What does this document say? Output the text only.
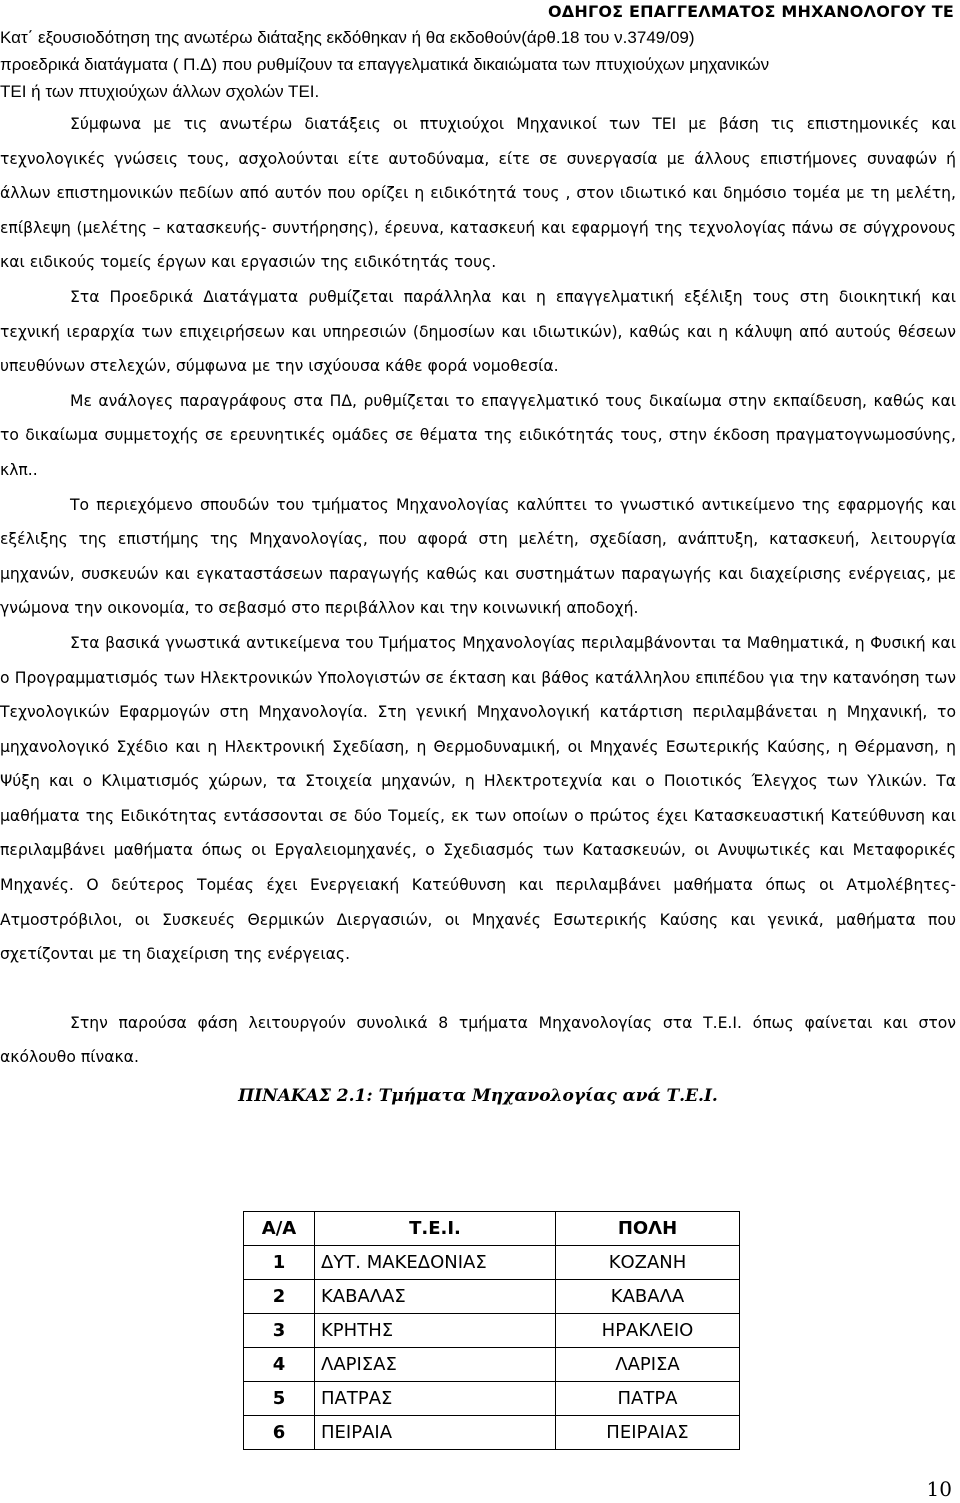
ΟΔΗΓΟΣ ΕΠΑΓΓΕΛΜΑΤΟΣ ΜΗΧΑΝΟΛΟΓΟΥ ΤΕ

Κατ΄ εξουσιοδότηση της ανωτέρω διάταξης εκδόθηκαν ή θα εκδοθούν(άρθ.18 του ν.3749/09)

προεδρικά διατάγματα ( Π.Δ) που ρυθμίζουν τα επαγγελματικά δικαιώματα των πτυχιούχων μηχανικών

ΤΕΙ ή των πτυχιούχων άλλων σχολών ΤΕΙ.

Σύμφωνα με τις ανωτέρω διατάξεις οι πτυχιούχοι Μηχανικοί των ΤΕΙ με βάση τις επιστημονικές και τεχνολογικές γνώσεις τους, ασχολούνται είτε αυτοδύναμα, είτε σε συνεργασία με άλλους επιστήμονες συναφών ή άλλων επιστημονικών πεδίων από αυτόν που ορίζει η ειδικότητά τους , στον ιδιωτικό και δημόσιο τομέα με τη μελέτη, επίβλεψη (μελέτης – κατασκευής- συντήρησης), έρευνα, κατασκευή και εφαρμογή της τεχνολογίας πάνω σε σύγχρονους και ειδικούς τομείς έργων και εργασιών της ειδικότητάς τους.

Στα Προεδρικά Διατάγματα ρυθμίζεται παράλληλα και η επαγγελματική εξέλιξη τους στη διοικητική και τεχνική ιεραρχία των επιχειρήσεων και υπηρεσιών (δημοσίων και ιδιωτικών), καθώς και η κάλυψη από αυτούς θέσεων υπευθύνων στελεχών, σύμφωνα με την ισχύουσα κάθε φορά νομοθεσία.

Με ανάλογες παραγράφους στα ΠΔ, ρυθμίζεται το επαγγελματικό τους δικαίωμα στην εκπαίδευση, καθώς και το δικαίωμα συμμετοχής σε ερευνητικές ομάδες σε θέματα της ειδικότητάς τους, στην έκδοση πραγματογνωμοσύνης, κλπ..

Το περιεχόμενο σπουδών του τμήματος Μηχανολογίας καλύπτει το γνωστικό αντικείμενο της εφαρμογής και εξέλιξης της επιστήμης της Μηχανολογίας, που αφορά στη μελέτη, σχεδίαση, ανάπτυξη, κατασκευή, λειτουργία μηχανών, συσκευών και εγκαταστάσεων παραγωγής καθώς και συστημάτων παραγωγής και διαχείρισης ενέργειας, με γνώμονα την οικονομία, το σεβασμό στο περιβάλλον και την κοινωνική αποδοχή.

Στα βασικά γνωστικά αντικείμενα του Τμήματος Μηχανολογίας περιλαμβάνονται τα Μαθηματικά, η Φυσική και ο Προγραμματισμός των Ηλεκτρονικών Υπολογιστών σε έκταση και βάθος κατάλληλου επιπέδου για την κατανόηση των Τεχνολογικών Εφαρμογών στη Μηχανολογία. Στη γενική Μηχανολογική κατάρτιση περιλαμβάνεται η Μηχανική, το μηχανολογικό Σχέδιο και η Ηλεκτρονική Σχεδίαση, η Θερμοδυναμική, οι Μηχανές Εσωτερικής Καύσης, η Θέρμανση, η Ψύξη και ο Κλιματισμός χώρων, τα Στοιχεία μηχανών, η Ηλεκτροτεχνία και ο Ποιοτικός Έλεγχος των Υλικών. Τα μαθήματα της Ειδικότητας εντάσσονται σε δύο Τομείς, εκ των οποίων ο πρώτος έχει Κατασκευαστική Κατεύθυνση και περιλαμβάνει μαθήματα όπως οι Εργαλειομηχανές, ο Σχεδιασμός των Κατασκευών, οι Ανυψωτικές και Μεταφορικές Μηχανές. Ο δεύτερος Τομέας έχει Ενεργειακή Κατεύθυνση και περιλαμβάνει μαθήματα όπως οι Ατμολέβητες-Ατμοστρόβιλοι, οι Συσκευές Θερμικών Διεργασιών, οι Μηχανές Εσωτερικής Καύσης και γενικά, μαθήματα που σχετίζονται με τη διαχείριση της ενέργειας.

Στην παρούσα φάση λειτουργούν συνολικά 8 τμήματα Μηχανολογίας στα Τ.Ε.Ι. όπως φαίνεται και στον ακόλουθο πίνακα.

ΠΙΝΑΚΑΣ 2.1: Τμήματα Μηχανολογίας ανά Τ.Ε.Ι.

Α/Α	Τ.Ε.Ι.	ΠΟΛΗ
1	ΔΥΤ. ΜΑΚΕΔΟΝΙΑΣ	ΚΟΖΑΝΗ
2	ΚΑΒΑΛΑΣ	ΚΑΒΑΛΑ
3	ΚΡΗΤΗΣ	ΗΡΑΚΛΕΙΟ
4	ΛΑΡΙΣΑΣ	ΛΑΡΙΣΑ
5	ΠΑΤΡΑΣ	ΠΑΤΡΑ
6	ΠΕΙΡΑΙΑ	ΠΕΙΡΑΙΑΣ
10
